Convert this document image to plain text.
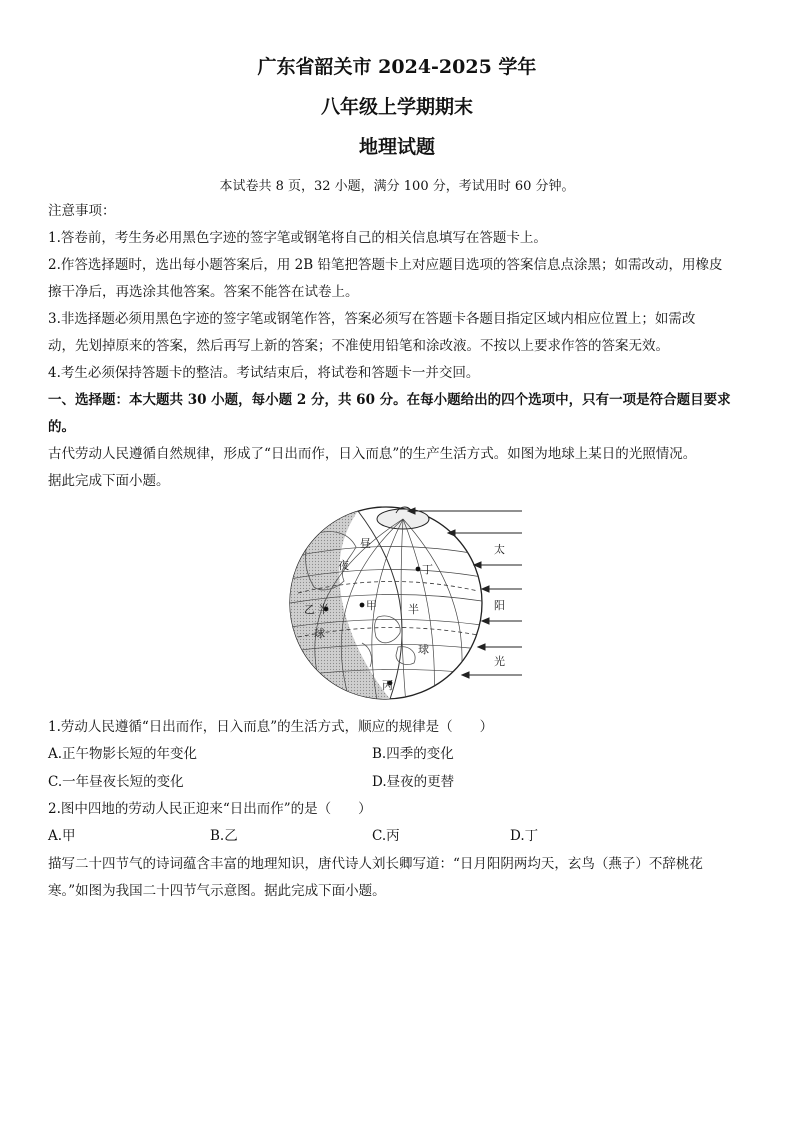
广东省韶关市 2024-2025 学年
八年级上学期期末
地理试题
本试卷共 8 页，32 小题，满分 100 分，考试用时 60 分钟。
注意事项：
1.答卷前，考生务必用黑色字迹的签字笔或钢笔将自己的相关信息填写在答题卡上。
2.作答选择题时，选出每小题答案后，用 2B 铅笔把答题卡上对应题目选项的答案信息点涂黑；如需改动，用橡皮
擦干净后，再选涂其他答案。答案不能答在试卷上。
3.非选择题必须用黑色字迹的签字笔或钢笔作答，答案必须写在答题卡各题目指定区域内相应位置上；如需改
动，先划掉原来的答案，然后再写上新的答案；不准使用铅笔和涂改液。不按以上要求作答的答案无效。
4.考生必须保持答题卡的整洁。考试结束后，将试卷和答题卡一并交回。
一、选择题：本大题共 30 小题，每小题 2 分，共 60 分。在每小题给出的四个选项中，只有一项是符合题目要求
的。
古代劳动人民遵循自然规律，形成了“日出而作，日入而息”的生产生活方式。如图为地球上某日的光照情况。
据此完成下面小题。
夜
半
球
昼
半
球
甲
乙
丙
丁
太
阳
光
1.劳动人民遵循“日出而作，日入而息”的生活方式，顺应的规律是（　　）
A.正午物影长短的年变化	B.四季的变化
C.一年昼夜长短的变化	D.昼夜的更替
2.图中四地的劳动人民正迎来“日出而作”的是（　　）
A.甲	B.乙	C.丙	D.丁
描写二十四节气的诗词蕴含丰富的地理知识，唐代诗人刘长卿写道：“日月阳阴两均天，玄鸟（燕子）不辞桃花
寒。”如图为我国二十四节气示意图。据此完成下面小题。
